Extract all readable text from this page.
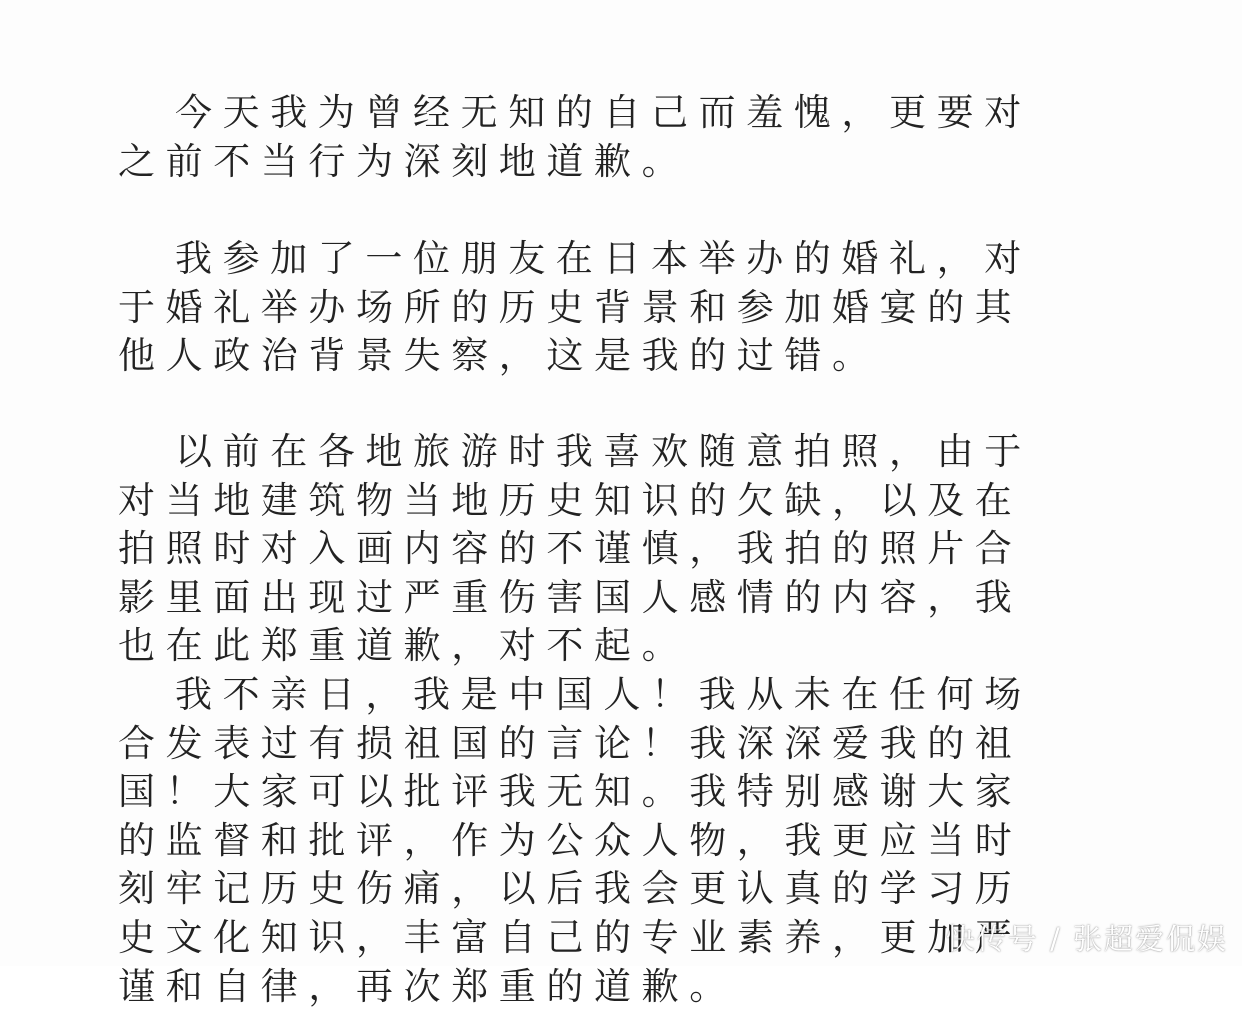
今天我为曾经无知的自己而羞愧，更要对之前不当行为深刻地道歉。

我参加了一位朋友在日本举办的婚礼，对于婚礼举办场所的历史背景和参加婚宴的其他人政治背景失察，这是我的过错。

以前在各地旅游时我喜欢随意拍照，由于对当地建筑物当地历史知识的欠缺，以及在拍照时对入画内容的不谨慎，我拍的照片合影里面出现过严重伤害国人感情的内容，我也在此郑重道歉，对不起。

我不亲日，我是中国人！我从未在任何场合发表过有损祖国的言论！我深深爱我的祖国！大家可以批评我无知。我特别感谢大家的监督和批评，作为公众人物，我更应当时刻牢记历史伤痛，以后我会更认真的学习历史文化知识，丰富自己的专业素养，更加严谨和自律，再次郑重的道歉。

快传号 / 张超爱侃娱
